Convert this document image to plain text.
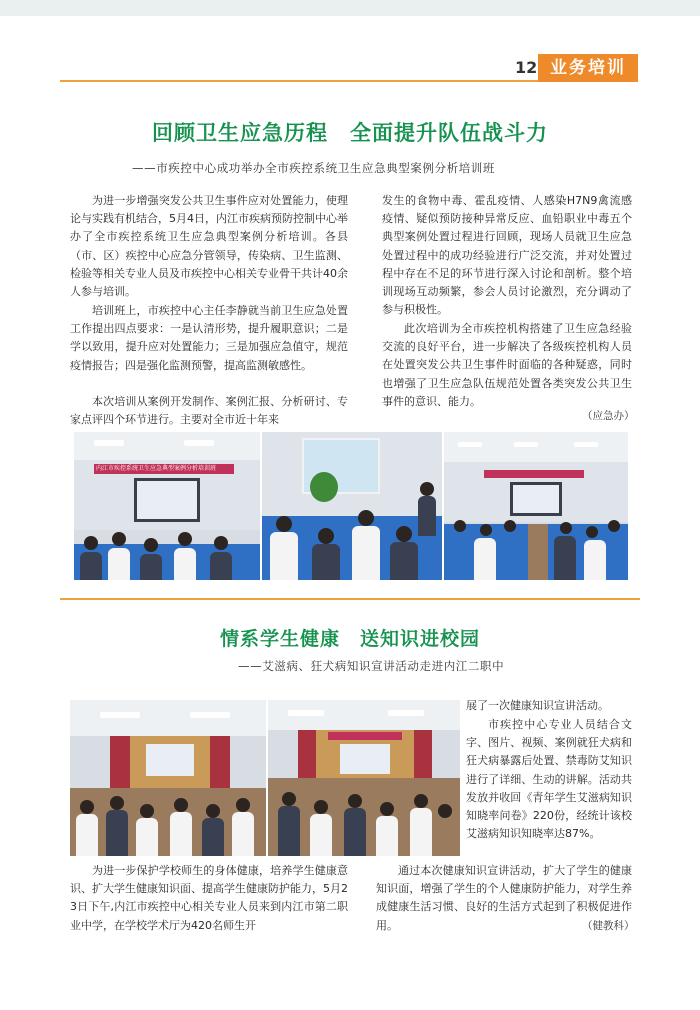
12 业务培训
回顾卫生应急历程　全面提升队伍战斗力
——市疾控中心成功举办全市疾控系统卫生应急典型案例分析培训班
为进一步增强突发公共卫生事件应对处置能力，使理论与实践有机结合，5月4日，内江市疾病预防控制中心举办了全市疾控系统卫生应急典型案例分析培训。各县（市、区）疾控中心应急分管领导，传染病、卫生监测、检验等相关专业人员及市疾控中心相关专业骨干共计40余人参与培训。
培训班上，市疾控中心主任李静就当前卫生应急处置工作提出四点要求：一是认清形势，提升履职意识；二是学以致用，提升应对处置能力；三是加强应急值守，规范疫情报告；四是强化监测预警，提高监测敏感性。
本次培训从案例开发制作、案例汇报、分析研讨、专家点评四个环节进行。主要对全市近十年来
发生的食物中毒、霍乱疫情、人感染H7N9禽流感疫情、疑似预防接种异常反应、血铅职业中毒五个典型案例处置过程进行回顾，现场人员就卫生应急处置过程中的成功经验进行广泛交流，并对处置过程中存在不足的环节进行深入讨论和剖析。整个培训现场互动频繁，参会人员讨论激烈，充分调动了参与积极性。
此次培训为全市疾控机构搭建了卫生应急经验交流的良好平台，进一步解决了各级疾控机构人员在处置突发公共卫生事件时面临的各种疑惑，同时也增强了卫生应急队伍规范处置各类突发公共卫生事件的意识、能力。
（应急办）
内江市疾控系统卫生应急典型案例分析培训班
情系学生健康　送知识进校园
——艾滋病、狂犬病知识宣讲活动走进内江二职中
展了一次健康知识宣讲活动。
市疾控中心专业人员结合文字、图片、视频、案例就狂犬病和狂犬病暴露后处置、禁毒防艾知识进行了详细、生动的讲解。活动共发放并收回《青年学生艾滋病知识知晓率问卷》220份，经统计该校艾滋病知识知晓率达87%。
为进一步保护学校师生的身体健康，培养学生健康意识、扩大学生健康知识面、提高学生健康防护能力，5月23日下午,内江市疾控中心相关专业人员来到内江市第二职业中学，在学校学术厅为420名师生开
通过本次健康知识宣讲活动，扩大了学生的健康知识面，增强了学生的个人健康防护能力，对学生养成健康生活习惯、良好的生活方式起到了积极促进作用。	（健教科）
